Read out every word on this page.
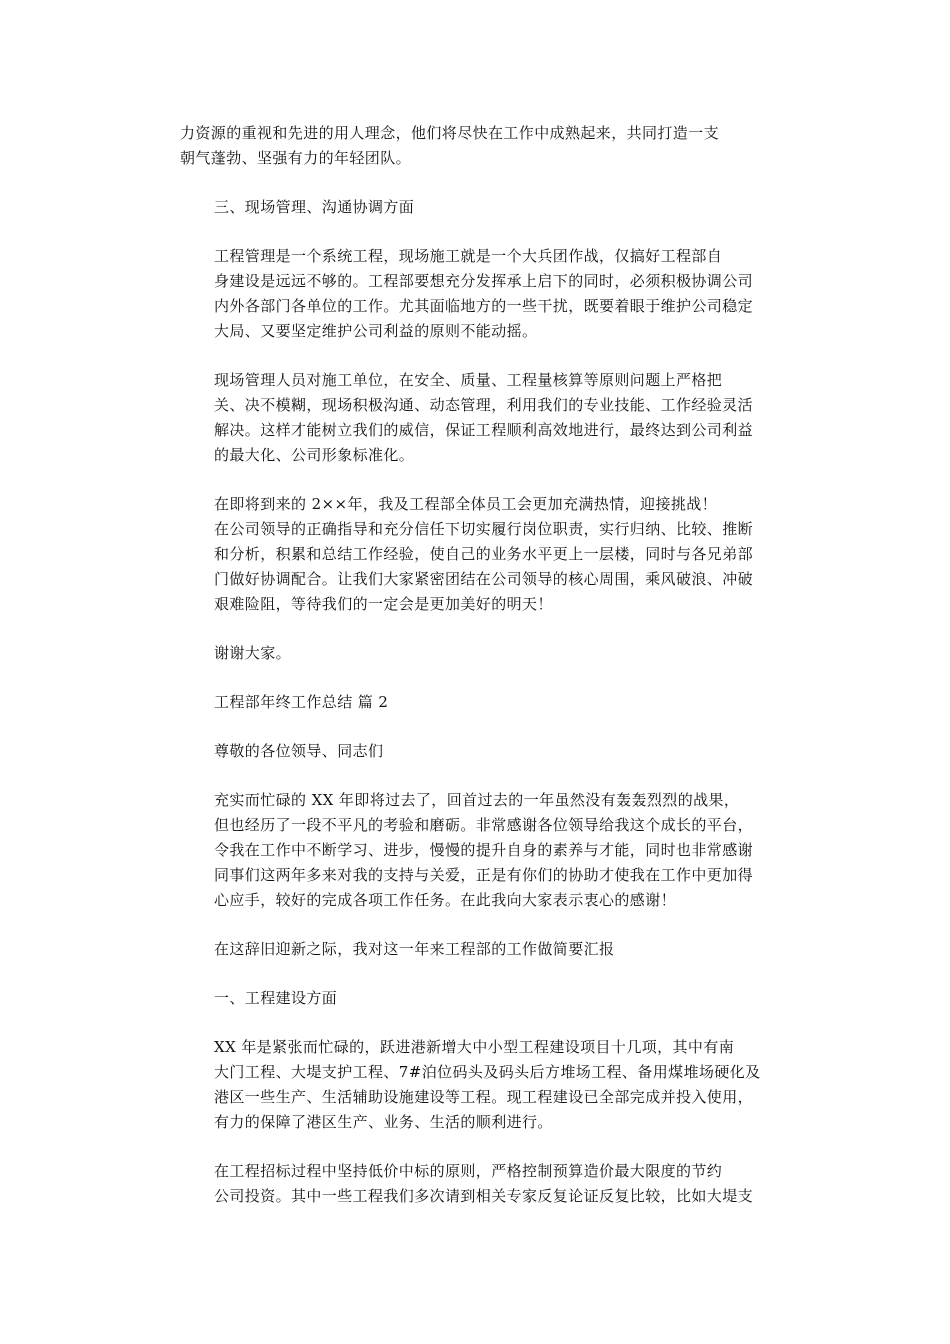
力资源的重视和先进的用人理念，他们将尽快在工作中成熟起来，共同打造一支
朝气蓬勃、坚强有力的年轻团队。

三、现场管理、沟通协调方面

工程管理是一个系统工程，现场施工就是一个大兵团作战，仅搞好工程部自
身建设是远远不够的。工程部要想充分发挥承上启下的同时，必须积极协调公司
内外各部门各单位的工作。尤其面临地方的一些干扰，既要着眼于维护公司稳定
大局、又要坚定维护公司利益的原则不能动摇。

现场管理人员对施工单位，在安全、质量、工程量核算等原则问题上严格把
关、决不模糊，现场积极沟通、动态管理，利用我们的专业技能、工作经验灵活
解决。这样才能树立我们的威信，保证工程顺利高效地进行，最终达到公司利益
的最大化、公司形象标准化。

在即将到来的 2××年，我及工程部全体员工会更加充满热情，迎接挑战！
在公司领导的正确指导和充分信任下切实履行岗位职责，实行归纳、比较、推断
和分析，积累和总结工作经验，使自己的业务水平更上一层楼，同时与各兄弟部
门做好协调配合。让我们大家紧密团结在公司领导的核心周围，乘风破浪、冲破
艰难险阻，等待我们的一定会是更加美好的明天！

谢谢大家。

工程部年终工作总结 篇 2

尊敬的各位领导、同志们

充实而忙碌的 XX 年即将过去了，回首过去的一年虽然没有轰轰烈烈的战果，
但也经历了一段不平凡的考验和磨砺。非常感谢各位领导给我这个成长的平台，
令我在工作中不断学习、进步，慢慢的提升自身的素养与才能，同时也非常感谢
同事们这两年多来对我的支持与关爱，正是有你们的协助才使我在工作中更加得
心应手，较好的完成各项工作任务。在此我向大家表示衷心的感谢！

在这辞旧迎新之际，我对这一年来工程部的工作做简要汇报

一、工程建设方面

XX 年是紧张而忙碌的，跃进港新增大中小型工程建设项目十几项，其中有南
大门工程、大堤支护工程、7#泊位码头及码头后方堆场工程、备用煤堆场硬化及
港区一些生产、生活辅助设施建设等工程。现工程建设已全部完成并投入使用，
有力的保障了港区生产、业务、生活的顺利进行。

在工程招标过程中坚持低价中标的原则，严格控制预算造价最大限度的节约
公司投资。其中一些工程我们多次请到相关专家反复论证反复比较，比如大堤支
